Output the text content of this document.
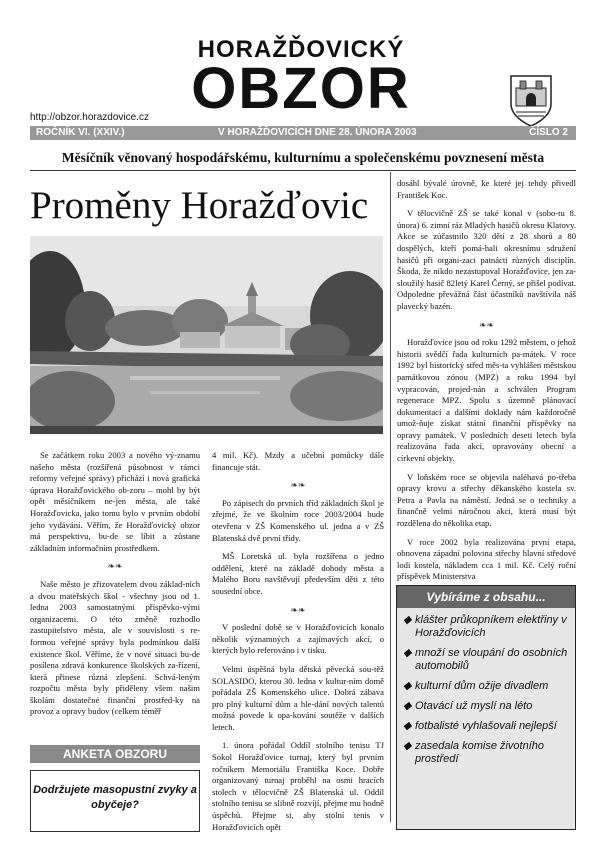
HORAŽĎOVICKÝ
OBZOR
http://obzor.horazdovice.cz
ROČNÍK VI. (XXIV.)	V HORAŽĎOVICÍCH DNE 28. ÚNORA 2003	ČÍSLO 2
Měsíčník věnovaný hospodářskému, kulturnímu a společenskému povznesení města
Proměny Horažďovic

Se začátkem roku 2003 a nového vý-znamu našeho města (rozšířená působnost v rámci reformy veřejné správy) přichází i nová grafická úprava Horažďovického ob-zoru – mohl by být opět měsíčníkem ne-jen města, ale také Horažďovicka, jako tomu bylo v prvním období jeho vydávání. Věřím, že Horažďovický obzor má perspektivu, bu-de se líbit a zůstane základním informačním prostředkem.

❧❧

Naše město je zřizovatelem dvou základ-ních a dvou mateřských škol - všechny jsou od 1. ledna 2003 samostatnými příspěvko-vými organizacemi. O této změně rozhodlo zastupitelstvo města, ale v souvislosti s re-formou veřejné správy byla podmínkou další existence škol. Věříme, že v nové situaci bu-de posílena zdravá konkurence školských za-řízení, která přinese různá zlepšení. Schvá-leným rozpočtu města byly přiděleny všem našim školám dostatečné finanční prostřed-ky na provoz a opravy budov (celkem téměř

4 mil. Kč). Mzdy a učební pomůcky dále financuje stát.

❧❧

Po zápisech do prvních tříd základních škol je zřejmé, že ve školním roce 2003/2004 bude otevřena v ZŠ Komenského ul. jedna a v ZŠ Blatenská dvě první třídy.

MŠ Loretská ul. byla rozšířena o jedno oddělení, které na základě dohody města a Malého Boru navštěvují především děti z této sousední obce.

❧❧

V poslední době se v Horažďovicích konalo několik významných a zajímavých akcí, o kterých bylo referováno i v tisku.

Velmi úspěšná byla dětská pěvecká sou-těž SOLASIDO, kterou 30. ledna v kultur-ním domě pořádala ZŠ Komenského ulice. Dobrá zábava pro plný kulturní dům a hle-dání nových talentů možná povede k opa-kování soutěže v dalších letech.

1. února pořádal Oddíl stolního tenisu TJ Sokol Horažďovice turnaj, který byl prvním ročníkem Memoriálu Františka Koce. Dobře organizovaný turnaj proběhl na osmi hracích stolech v tělocvičně ZŠ Blatenská ul. Oddíl stolního tenisu se slibně rozvíjí, přejme mu hodně úspěchů. Přejme si, aby stolní tenis v Horažďovicích opět

dosáhl bývalé úrovně, ke které jej tehdy přivedl František Koc.

V tělocvičně ZŠ se také konal v (sobo-tu 8. února) 6. zimní ráz Mladých hasičů okresu Klatovy. Akce se zúčastnilo 320 dětí z 28 shorů a 80 dospělých, kteří pomá-hali okresnímu sdružení hasičů při organi-zaci patnácti různých disciplín. Škoda, že nikdo nezastupoval Horažďovice, jen za-sloužilý hasič 82letý Karel Černý, se přišel podívat. Odpoledne převážná část účastníků navštívila náš plavecký bazén.

❧❧

Horažďovice jsou od roku 1292 městem, o jehož historii svědčí řada kulturních pa-mátek. V roce 1992 byl historický střed měs-ta vyhlášen městskou památkovou zónou (MPZ) a roku 1994 byl vypracován, projed-nán a schválen Program regenerace MPZ. Spolu s územně plánovací dokumentací a dalšími doklady nám každoročně umož-ňuje získat státní finanční příspěvky na opravy památek. V posledních deseti letech byla realizována řada akcí, opravovány obecní a církevní objekty.

V loňském roce se objevila naléhavá po-třeba opravy krovu a střechy děkanského kostela sv. Petra a Pavla na náměstí. Jedná se o techniky a finančně velmi náročnou akci, která musí být rozdělena do několika etap.

V roce 2002 byla realizována první etapa, obnovena západní polovina střechy hlavní středové lodi kostela, nákladem cca 1 mil. Kč. Celý roční příspěvek Ministerstva

ANKETA OBZORU
Dodržujete masopustní zvyky a obyčeje?
Vybíráme z obsahu...
◆ klášter průkopníkem elektřiny v Horažďovicích
◆ množí se vloupání do osobních automobilů
◆ kulturní dům ožije divadlem
◆ Otavácí už myslí na léto
◆ fotbalisté vyhlašovali nejlepší
◆ zasedala komise životního prostředí
